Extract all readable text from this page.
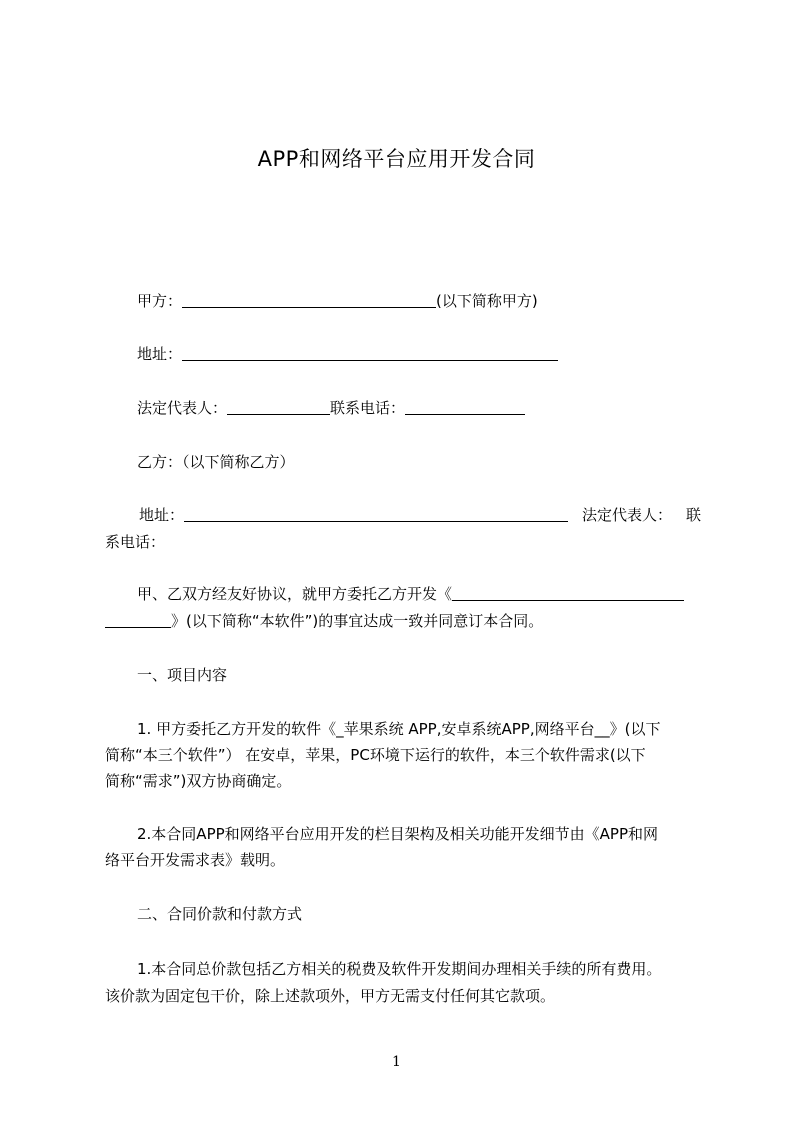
APP和网络平台应用开发合同
甲方：	(以下简称甲方)
地址：
法定代表人：	联系电话：
乙方：（以下简称乙方）
地址：	法定代表人： 联
系电话：
甲、乙双方经友好协议，就甲方委托乙方开发《
》(以下简称“本软件”)的事宜达成一致并同意订本合同。
一、项目内容
1. 甲方委托乙方开发的软件《_苹果系统 APP,安卓系统APP,网络平台__》(以下
简称“本三个软件”） 在安卓，苹果，PC环境下运行的软件，本三个软件需求(以下
简称“需求”)双方协商确定。
2.本合同APP和网络平台应用开发的栏目架构及相关功能开发细节由《APP和网
络平台开发需求表》载明。
二、合同价款和付款方式
1.本合同总价款包括乙方相关的税费及软件开发期间办理相关手续的所有费用。
该价款为固定包干价，除上述款项外，甲方无需支付任何其它款项。
1
